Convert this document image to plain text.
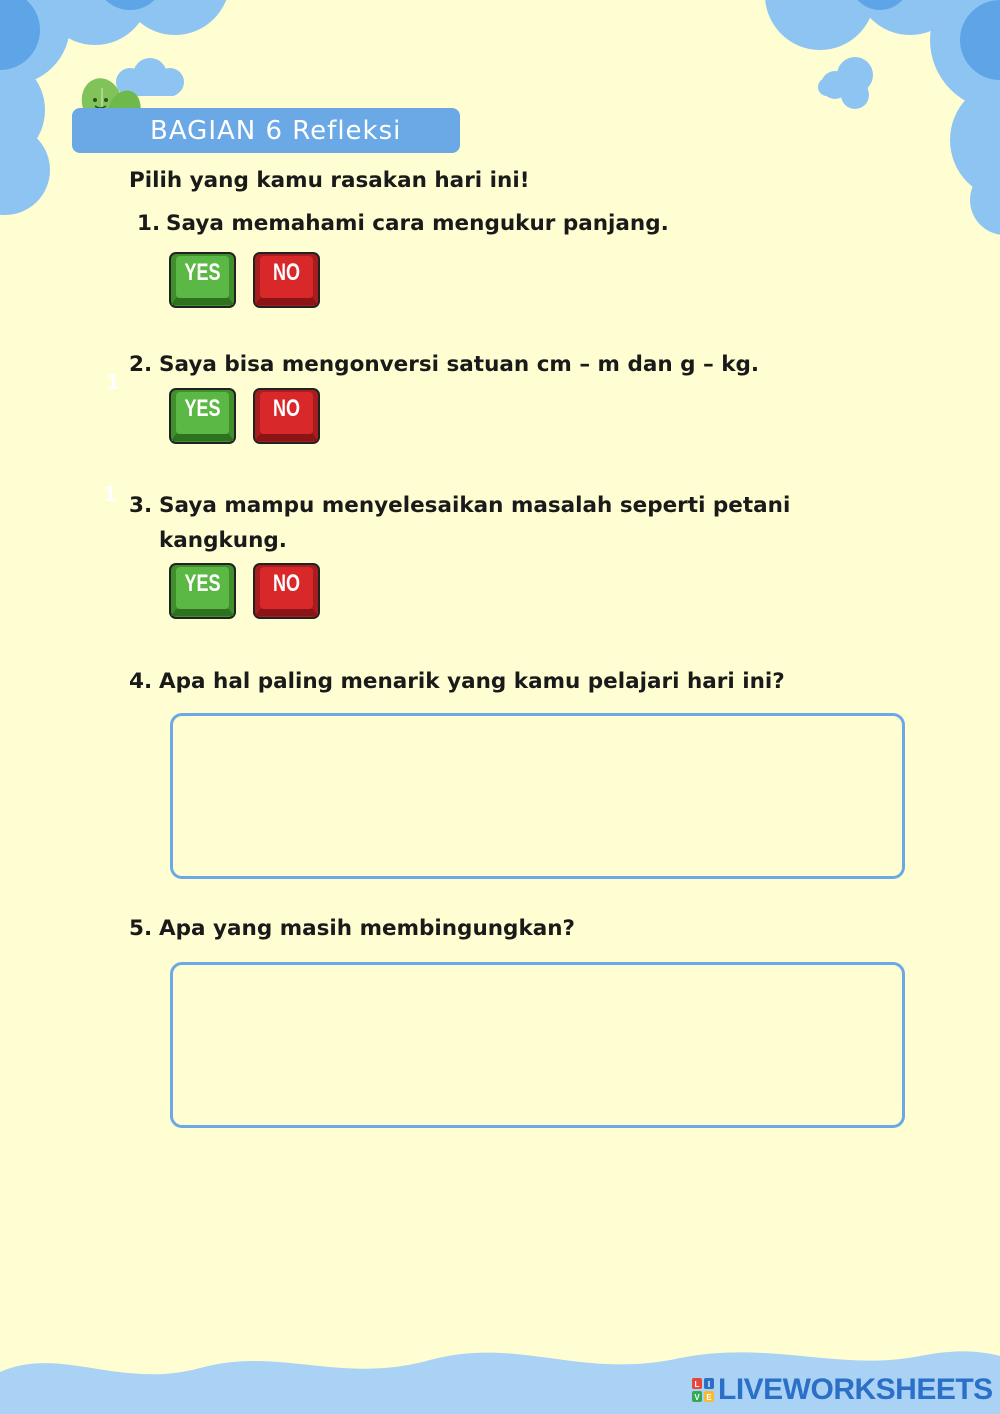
BAGIAN 6 Refleksi
Pilih yang kamu rasakan hari ini!
1. Saya memahami cara mengukur panjang.
YES	NO
1
2. Saya bisa mengonversi satuan cm – m dan g – kg.
YES	NO
1 3. Saya mampu menyelesaikan masalah seperti petani
kangkung.
YES	NO
4. Apa hal paling menarik yang kamu pelajari hari ini?
5. Apa yang masih membingungkan?
L I
V E LIVEWORKSHEETS
